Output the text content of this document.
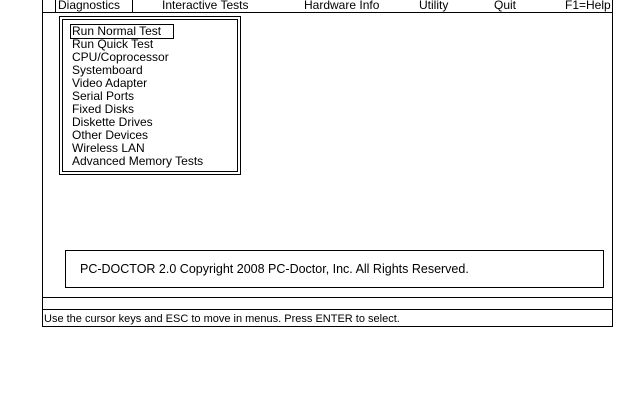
Diagnostics	Interactive Tests	Hardware Info	Utility	Quit	F1=Help
Run Normal Test
Run Quick Test
CPU/Coprocessor
Systemboard
Video Adapter
Serial Ports
Fixed Disks
Diskette Drives
Other Devices
Wireless LAN
Advanced Memory Tests
PC-DOCTOR 2.0 Copyright 2008 PC-Doctor, Inc. All Rights Reserved.
Use the cursor keys and ESC to move in menus. Press ENTER to select.
